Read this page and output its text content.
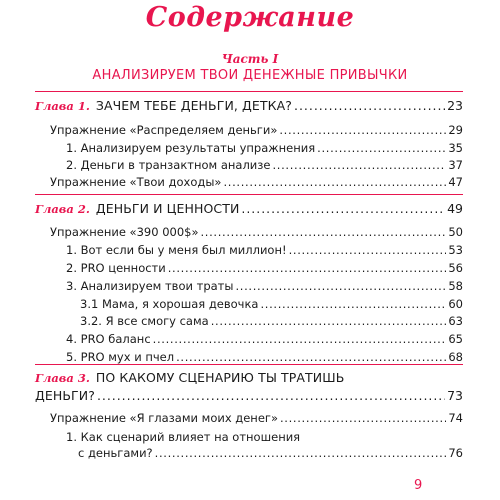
Содержание
Часть I
АНАЛИЗИРУЕМ ТВОИ ДЕНЕЖНЫЕ ПРИВЫЧКИ
Глава 1. ЗАЧЕМ ТЕБЕ ДЕНЬГИ, ДЕТКА? . . .	23
Упражнение «Распределяем деньги» . . .	29
1. Анализируем результаты упражнения . . .	35
2. Деньги в транзактном анализе . . .	37
Упражнение «Твои доходы» . . .	47
Глава 2. ДЕНЬГИ И ЦЕННОСТИ . . .	49
Упражнение «390 000$» . . .	50
1. Вот если бы у меня был миллион! . . .	53
2. PRO ценности . . .	56
3. Анализируем твои траты . . .	58
3.1 Мама, я хорошая девочка . . .	60
3.2. Я все смогу сама . . .	63
4. PRO баланс . . .	65
5. PRO мух и пчел . . .	68
Глава 3. ПО КАКОМУ СЦЕНАРИЮ ТЫ ТРАТИШЬ
ДЕНЬГИ? . . .	73
Упражнение «Я глазами моих денег» . . .	74
1. Как сценарий влияет на отношения
с деньгами? . . .	76
9
